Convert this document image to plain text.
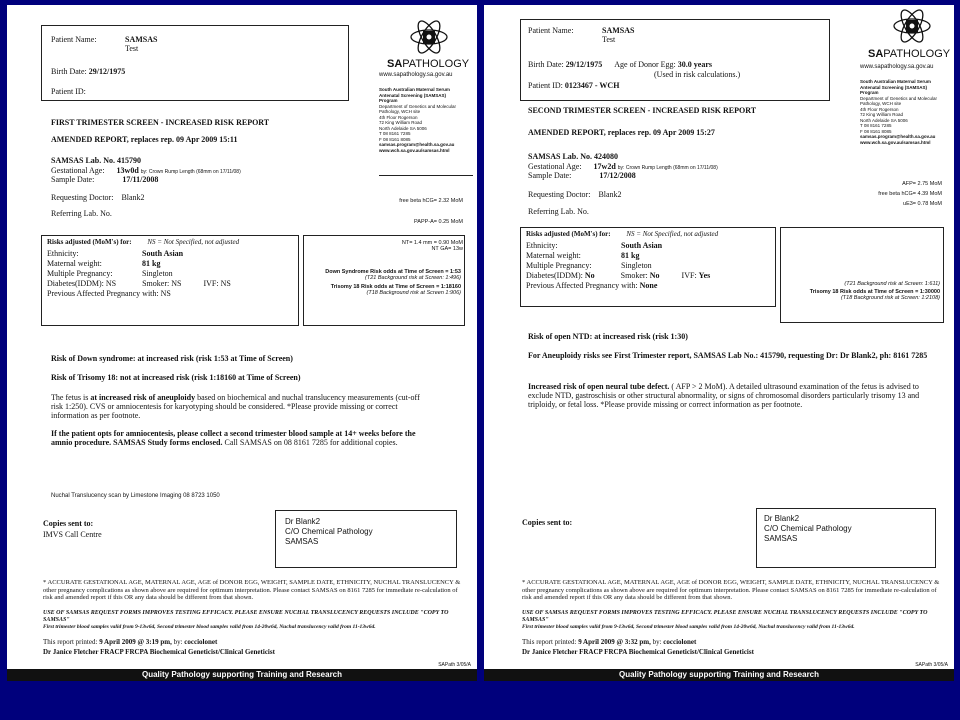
Patient Name:	SAMSAS
Test
Birth Date: 29/12/1975
Patient ID:
SAPATHOLOGY
www.sapathology.sa.gov.au
South Australian Maternal Serum
Antenatal Screening (SAMSAS)
Program
Department of Genetics and Molecular
Pathology, WCH site
4th Floor Rogerson
72 King William Road
North Adelaide SA 5006
T 08 8161 7285
F 08 8161 8085
samsas.program@health.sa.gov.au
www.wch.sa.gov.au/samsas.html
FIRST TRIMESTER SCREEN - INCREASED RISK REPORT
AMENDED REPORT, replaces rep. 09 Apr 2009 15:11
SAMSAS Lab. No. 415790
Gestational Age: 13w0d by: Crown Rump Length (68mm on 17/11/08)
Sample Date:	17/11/2008
Requesting Doctor: Blank2
Referring Lab. No.
free beta hCG= 2.32 MoM
PAPP-A= 0.25 MoM
NT= 1.4 mm = 0.90 MoM
NT GA= 13w
Risks adjusted (MoM's) for: NS = Not Specified, not adjusted
Ethnicity:	South Asian
Maternal weight:	81 kg
Multiple Pregnancy:	Singleton
Diabetes(IDDM): NS	Smoker: NS	IVF: NS
Previous Affected Pregnancy with: NS
Down Syndrome Risk odds at Time of Screen = 1:53
(T21 Background risk at Screen: 1:496)
Trisomy 18 Risk odds at Time of Screen = 1:18160
(T18 Background risk at Screen 1:906)
Risk of Down syndrome: at increased risk (risk 1:53 at Time of Screen)
Risk of Trisomy 18: not at increased risk (risk 1:18160 at Time of Screen)
The fetus is at increased risk of aneuploidy based on biochemical and nuchal translucency measurements (cut-off risk 1:250). CVS or amniocentesis for karyotyping should be considered. *Please provide missing or correct information as per footnote.
If the patient opts for amniocentesis, please collect a second trimester blood sample at 14+ weeks before the amnio procedure. SAMSAS Study forms enclosed. Call SAMSAS on 08 8161 7285 for additional copies.
Nuchal Translucency scan by Limestone Imaging 08 8723 1050
Copies sent to:
IMVS Call Centre
Dr Blank2
C/O Chemical Pathology
SAMSAS
* ACCURATE GESTATIONAL AGE, MATERNAL AGE, AGE of DONOR EGG, WEIGHT, SAMPLE DATE, ETHNICITY, NUCHAL TRANSLUCENCY & other pregnancy complications as shown above are required for optimum interpretation. Please contact SAMSAS on 8161 7285 for immediate re-calculation of risk and amended report if this OR any data should be different from that shown.
USE OF SAMSAS REQUEST FORMS IMPROVES TESTING EFFICACY. PLEASE ENSURE NUCHAL TRANSLUCENCY REQUESTS INCLUDE "COPY TO SAMSAS"
First trimester blood samples valid from 9-13w6d, Second trimester blood samples valid from 14-20w6d, Nuchal translucency valid from 11-13w6d.
This report printed: 9 April 2009 @ 3:19 pm, by: cocciolonet
Dr Janice Fletcher FRACP FRCPA Biochemical Geneticist/Clinical Geneticist
SAPath 3/05/A
Quality Pathology supporting Training and Research
Patient Name:	SAMSAS
Test
Birth Date: 29/12/1975 Age of Donor Egg: 30.0 years
(Used in risk calculations.)
Patient ID: 0123467 - WCH
SAPATHOLOGY
www.sapathology.sa.gov.au
South Australian Maternal Serum
Antenatal Screening (SAMSAS)
Program
Department of Genetics and Molecular
Pathology, WCH site
4th Floor Rogerson
72 King William Road
North Adelaide SA 5006
T 08 8161 7285
F 08 8161 8085
samsas.program@health.sa.gov.au
www.wch.sa.gov.au/samsas.html
SECOND TRIMESTER SCREEN - INCREASED RISK REPORT
AMENDED REPORT, replaces rep. 09 Apr 2009 15:27
SAMSAS Lab. No. 424080
Gestational Age: 17w2d by: Crown Rump Length (68mm on 17/11/08)
Sample Date:	17/12/2008
Requesting Doctor: Blank2
Referring Lab. No.
AFP= 2.75 MoM
free beta hCG= 4.39 MoM
uE3= 0.78 MoM
Risks adjusted (MoM's) for: NS = Not Specified, not adjusted
Ethnicity:	South Asian
Maternal weight:	81 kg
Multiple Pregnancy:	Singleton
Diabetes(IDDM): No	Smoker: No	IVF: Yes
Previous Affected Pregnancy with: None	(T21 Background risk at Screen: 1:611)
Trisomy 18 Risk odds at Time of Screen = 1:30000
(T18 Background risk at Screen: 1:2108)
Risk of open NTD: at increased risk (risk 1:30)
For Aneuploidy risks see First Trimester report, SAMSAS Lab No.: 415790, requesting Dr: Dr Blank2, ph: 8161 7285
Increased risk of open neural tube defect. ( AFP > 2 MoM). A detailed ultrasound examination of the fetus is advised to exclude NTD, gastroschisis or other structural abnormality, or signs of chromosomal disorders particularly trisomy 13 and triploidy, or fetal loss. *Please provide missing or correct information as per footnote.
Copies sent to:	Dr Blank2
C/O Chemical Pathology
SAMSAS
* ACCURATE GESTATIONAL AGE, MATERNAL AGE, AGE of DONOR EGG, WEIGHT, SAMPLE DATE, ETHNICITY, NUCHAL TRANSLUCENCY & other pregnancy complications as shown above are required for optimum interpretation. Please contact SAMSAS on 8161 7285 for immediate re-calculation of risk and amended report if this OR any data should be different from that shown.
USE OF SAMSAS REQUEST FORMS IMPROVES TESTING EFFICACY. PLEASE ENSURE NUCHAL TRANSLUCENCY REQUESTS INCLUDE "COPY TO SAMSAS"
First trimester blood samples valid from 9-13w6d, Second trimester blood samples valid from 14-20w6d, Nuchal translucency valid from 11-13w6d.
This report printed: 9 April 2009 @ 3:32 pm, by: cocciolonet
Dr Janice Fletcher FRACP FRCPA Biochemical Geneticist/Clinical Geneticist
SAPath 3/05/A
Quality Pathology supporting Training and Research
